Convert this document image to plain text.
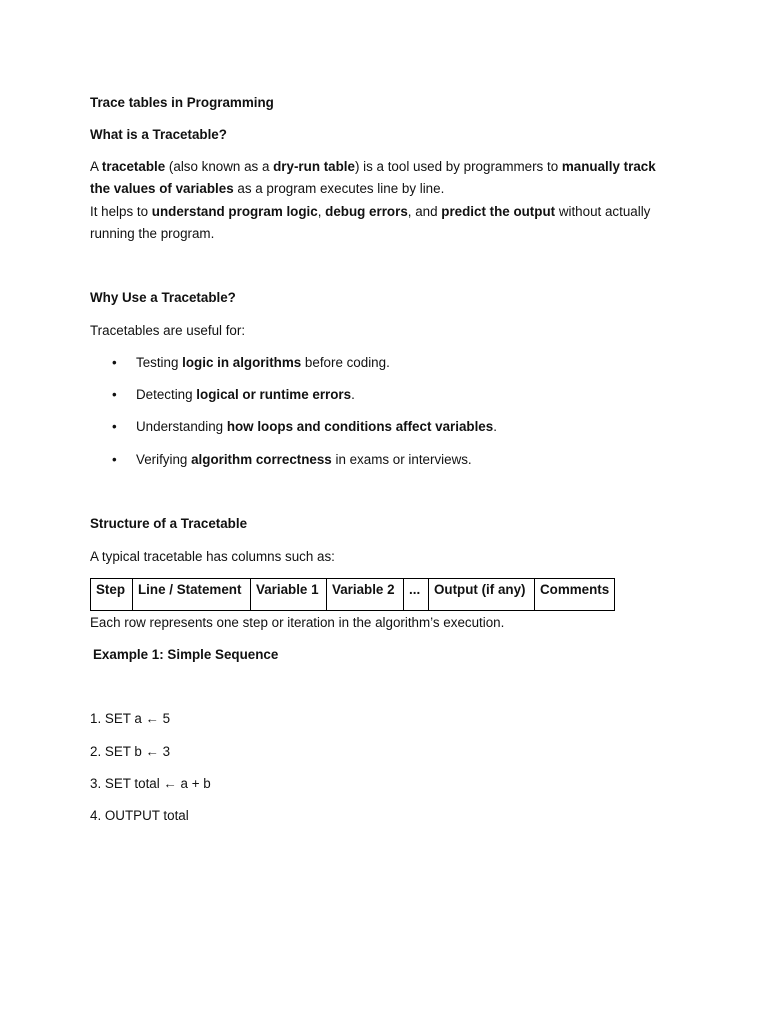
Trace tables in Programming

What is a Tracetable?

A tracetable (also known as a dry-run table) is a tool used by programmers to manually track

the values of variables as a program executes line by line.

It helps to understand program logic, debug errors, and predict the output without actually

running the program.

Why Use a Tracetable?

Tracetables are useful for:

• Testing logic in algorithms before coding.
• Detecting logical or runtime errors.
• Understanding how loops and conditions affect variables.
• Verifying algorithm correctness in exams or interviews.

Structure of a Tracetable

A typical tracetable has columns such as:

Step	Line / Statement	Variable 1	Variable 2	...	Output (if any)	Comments

Each row represents one step or iteration in the algorithm’s execution.

Example 1: Simple Sequence

1. SET a ← 5

2. SET b ← 3

3. SET total ← a + b

4. OUTPUT total
